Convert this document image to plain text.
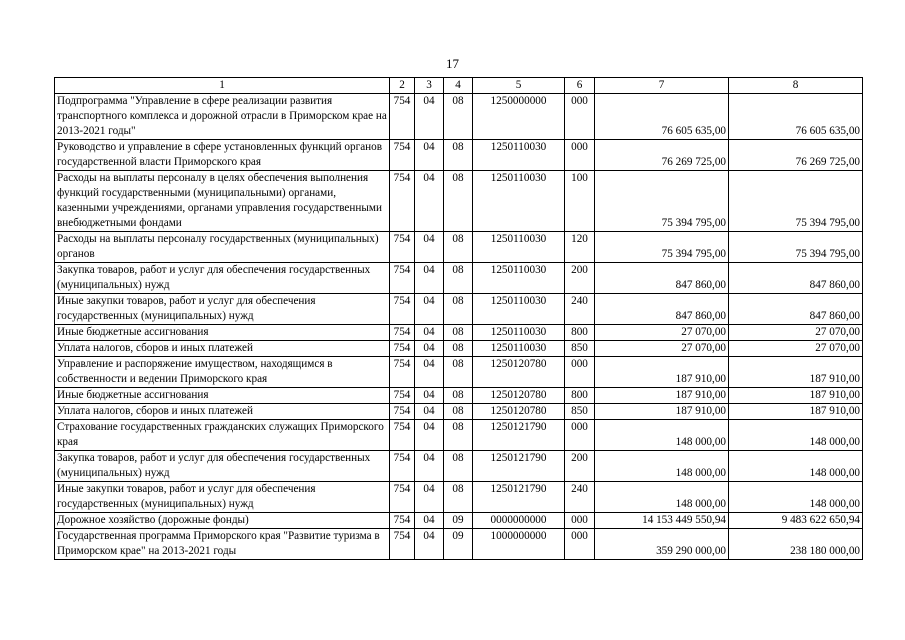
17
1	2	3	4	5	6	7	8
Подпрограмма "Управление в сфере реализации развития транспортного комплекса и дорожной отрасли в Приморском крае на 2013-2021 годы"	754	04	08	1250000000	000	76 605 635,00	76 605 635,00
Руководство и управление в сфере установленных функций органов государственной власти Приморского края	754	04	08	1250110030	000	76 269 725,00	76 269 725,00
Расходы на выплаты персоналу в целях обеспечения выполнения функций государственными (муниципальными) органами, казенными учреждениями, органами управления государственными внебюджетными фондами	754	04	08	1250110030	100	75 394 795,00	75 394 795,00
Расходы на выплаты персоналу государственных (муниципальных) органов	754	04	08	1250110030	120	75 394 795,00	75 394 795,00
Закупка товаров, работ и услуг для обеспечения государственных (муниципальных) нужд	754	04	08	1250110030	200	847 860,00	847 860,00
Иные закупки товаров, работ и услуг для обеспечения государственных (муниципальных) нужд	754	04	08	1250110030	240	847 860,00	847 860,00
Иные бюджетные ассигнования	754	04	08	1250110030	800	27 070,00	27 070,00
Уплата налогов, сборов и иных платежей	754	04	08	1250110030	850	27 070,00	27 070,00
Управление и распоряжение имуществом, находящимся в собственности и ведении Приморского края	754	04	08	1250120780	000	187 910,00	187 910,00
Иные бюджетные ассигнования	754	04	08	1250120780	800	187 910,00	187 910,00
Уплата налогов, сборов и иных платежей	754	04	08	1250120780	850	187 910,00	187 910,00
Страхование государственных гражданских служащих Приморского края	754	04	08	1250121790	000	148 000,00	148 000,00
Закупка товаров, работ и услуг для обеспечения государственных (муниципальных) нужд	754	04	08	1250121790	200	148 000,00	148 000,00
Иные закупки товаров, работ и услуг для обеспечения государственных (муниципальных) нужд	754	04	08	1250121790	240	148 000,00	148 000,00
Дорожное хозяйство (дорожные фонды)	754	04	09	0000000000	000	14 153 449 550,94	9 483 622 650,94
Государственная программа Приморского края "Развитие туризма в Приморском крае" на 2013-2021 годы	754	04	09	1000000000	000	359 290 000,00	238 180 000,00
